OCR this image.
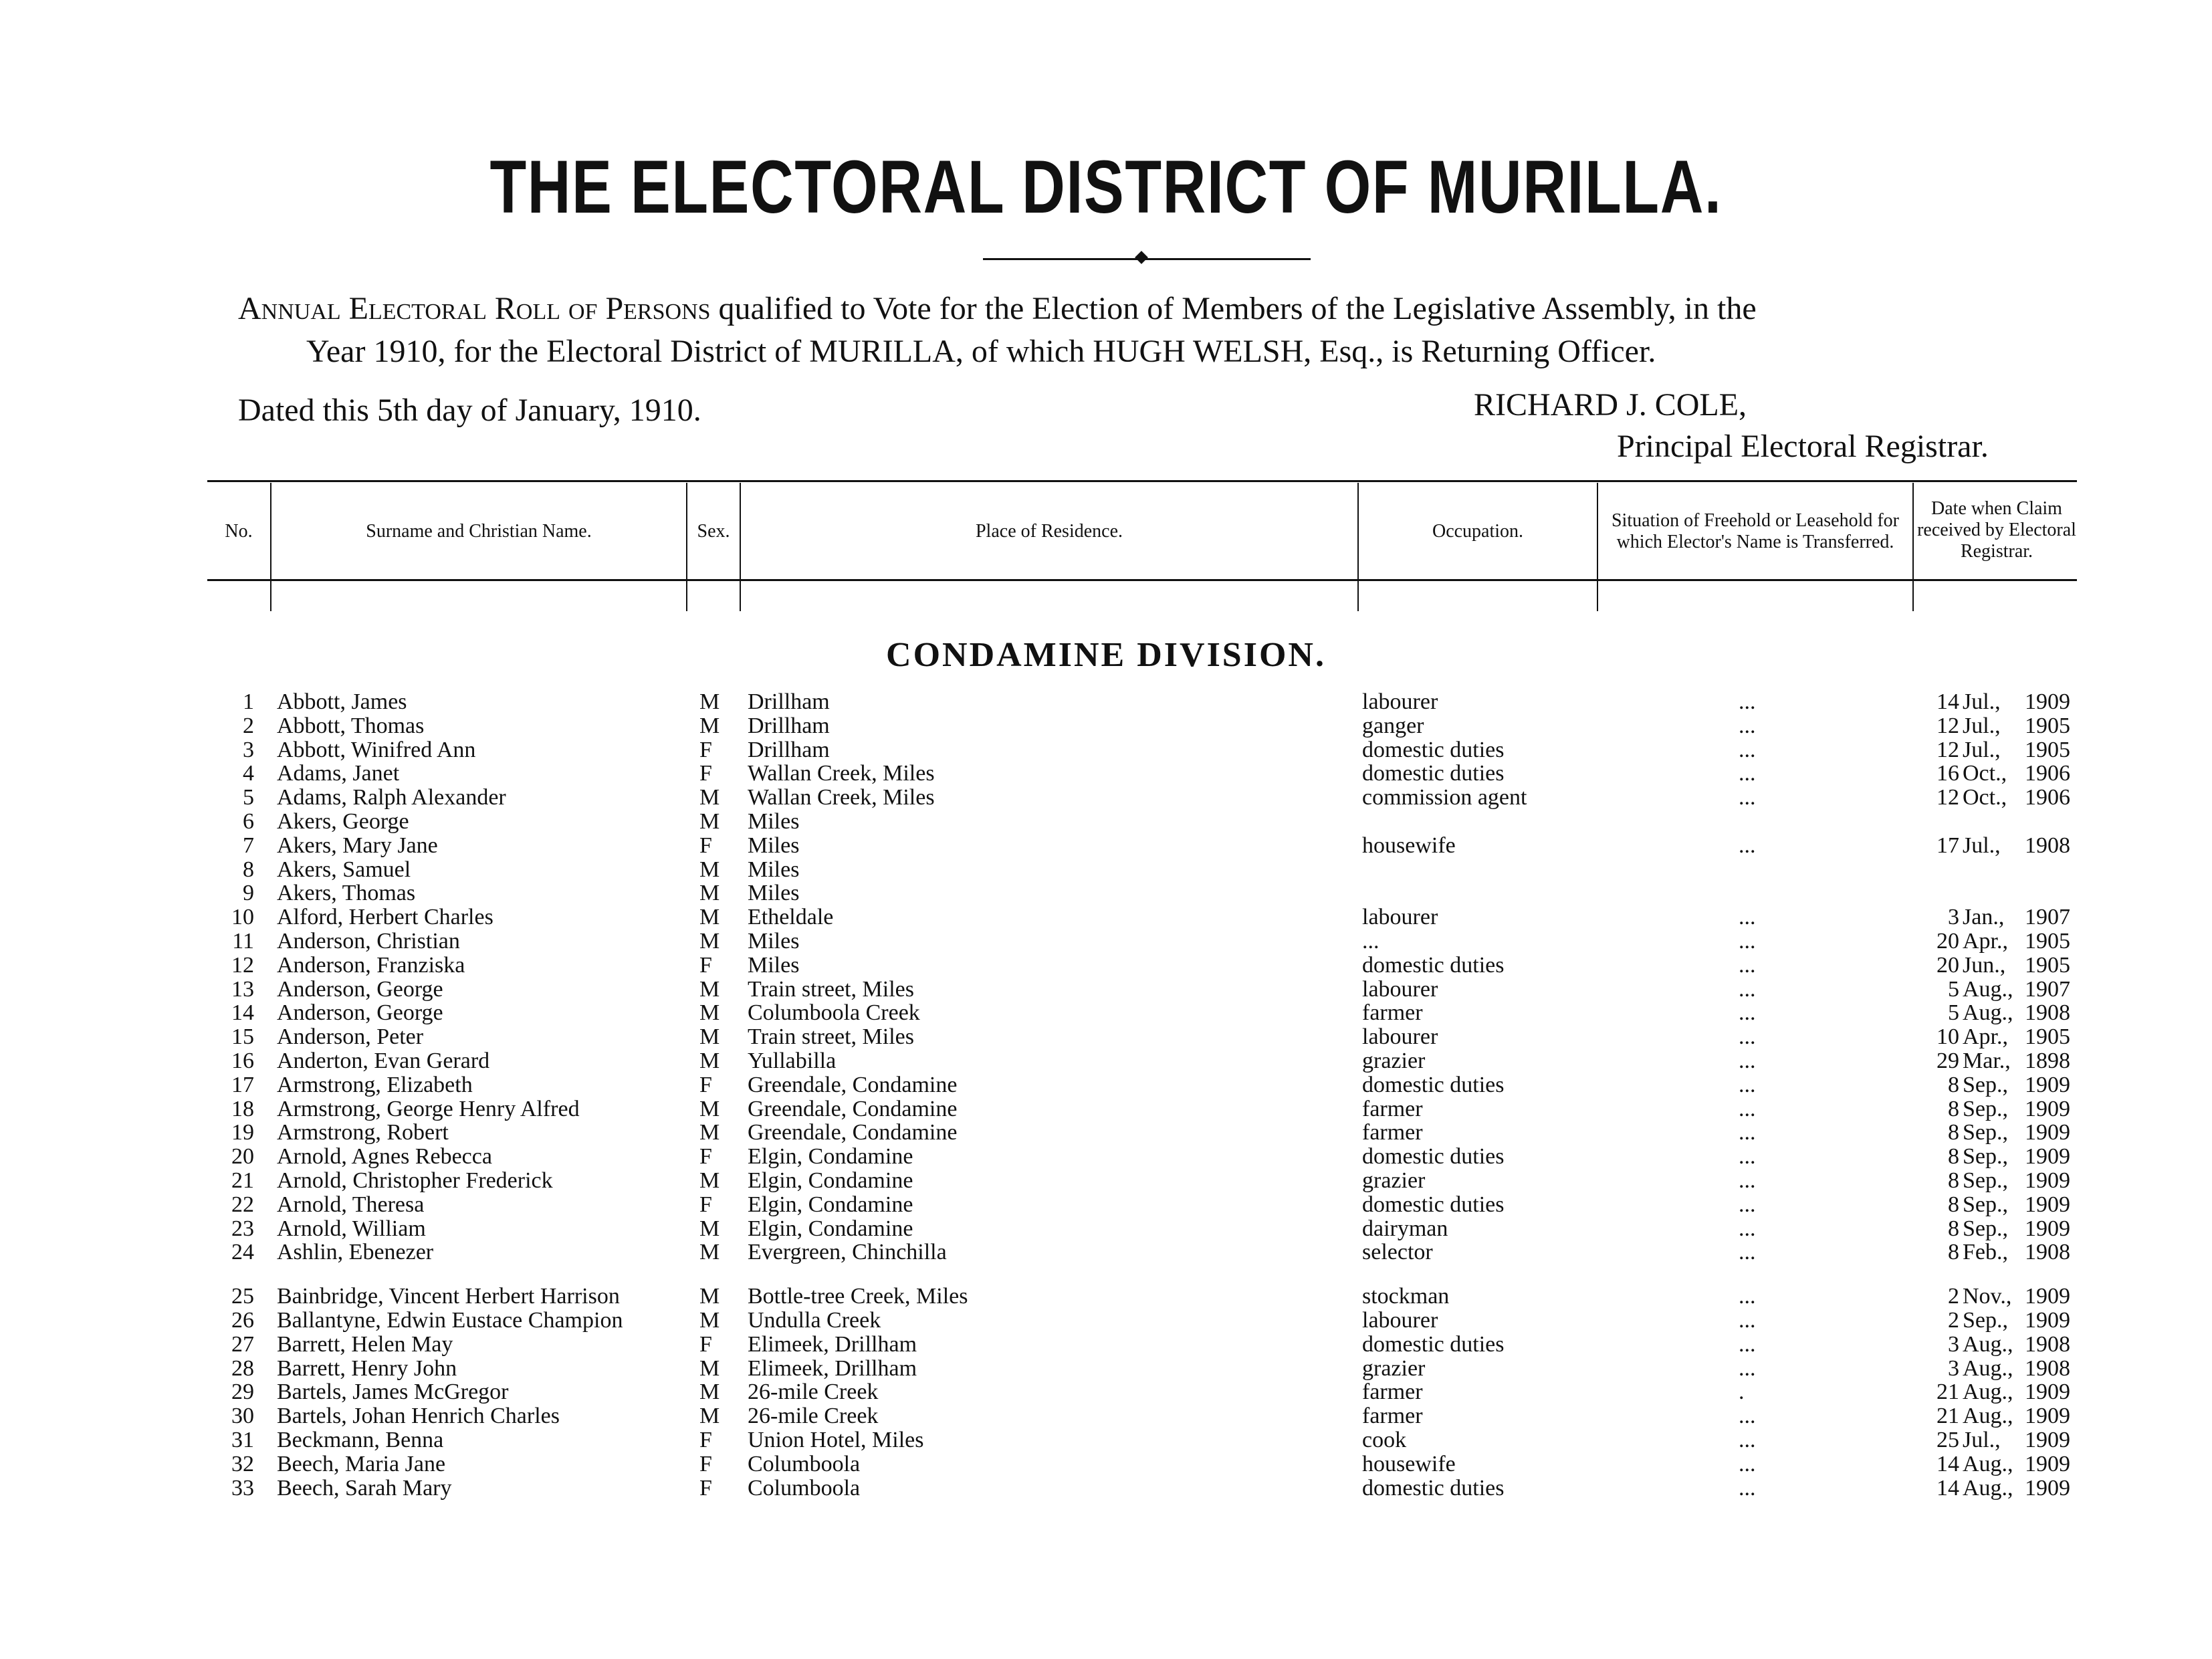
THE ELECTORAL DISTRICT OF MURILLA.
Annual Electoral Roll of Persons qualified to Vote for the Election of Members of the Legislative Assembly, in the
Year 1910, for the Electoral District of MURILLA, of which HUGH WELSH, Esq., is Returning Officer.
Dated this 5th day of January, 1910.	RICHARD J. COLE,
Principal Electoral Registrar.
No.	Surname and Christian Name.	Sex.	Place of Residence.	Occupation.
Situation of Freehold or Leasehold for which Elector's Name is Transferred.
Date when Claim received by Electoral Registrar.
CONDAMINE DIVISION.
1 Abbott, James	M Drillham	labourer	...	14 Jul., 1909
2 Abbott, Thomas	M Drillham	ganger	...	12 Jul., 1905
3 Abbott, Winifred Ann	F Drillham	domestic duties	...	12 Jul., 1905
4 Adams, Janet	F Wallan Creek, Miles	domestic duties	...	16 Oct., 1906
5 Adams, Ralph Alexander	M Wallan Creek, Miles	commission agent	...	12 Oct., 1906
6 Akers, George	M Miles
7 Akers, Mary Jane	F Miles	housewife	...	17 Jul., 1908
8 Akers, Samuel	M Miles
9 Akers, Thomas	M Miles
10 Alford, Herbert Charles	M Etheldale	labourer	...	3 Jan., 1907
11 Anderson, Christian	M Miles	...	...	20 Apr., 1905
12 Anderson, Franziska	F Miles	domestic duties	...	20 Jun., 1905
13 Anderson, George	M Train street, Miles	labourer	...	5 Aug., 1907
14 Anderson, George	M Columboola Creek	farmer	...	5 Aug., 1908
15 Anderson, Peter	M Train street, Miles	labourer	...	10 Apr., 1905
16 Anderton, Evan Gerard	M Yullabilla	grazier	...	29 Mar., 1898
17 Armstrong, Elizabeth	F Greendale, Condamine	domestic duties	...	8 Sep., 1909
18 Armstrong, George Henry Alfred	M Greendale, Condamine	farmer	...	8 Sep., 1909
19 Armstrong, Robert	M Greendale, Condamine	farmer	...	8 Sep., 1909
20 Arnold, Agnes Rebecca	F Elgin, Condamine	domestic duties	...	8 Sep., 1909
21 Arnold, Christopher Frederick	M Elgin, Condamine	grazier	...	8 Sep., 1909
22 Arnold, Theresa	F Elgin, Condamine	domestic duties	...	8 Sep., 1909
23 Arnold, William	M Elgin, Condamine	dairyman	...	8 Sep., 1909
24 Ashlin, Ebenezer	M Evergreen, Chinchilla	selector	...	8 Feb., 1908
25 Bainbridge, Vincent Herbert Harrison	M Bottle-tree Creek, Miles	stockman	...	2 Nov., 1909
26 Ballantyne, Edwin Eustace Champion	M Undulla Creek	labourer	...	2 Sep., 1909
27 Barrett, Helen May	F Elimeek, Drillham	domestic duties	...	3 Aug., 1908
28 Barrett, Henry John	M Elimeek, Drillham	grazier	...	3 Aug., 1908
29 Bartels, James McGregor	M 26-mile Creek	farmer	.	21 Aug., 1909
30 Bartels, Johan Henrich Charles	M 26-mile Creek	farmer	...	21 Aug., 1909
31 Beckmann, Benna	F Union Hotel, Miles	cook	...	25 Jul., 1909
32 Beech, Maria Jane	F Columboola	housewife	...	14 Aug., 1909
33 Beech, Sarah Mary	F Columboola	domestic duties	...	14 Aug., 1909
